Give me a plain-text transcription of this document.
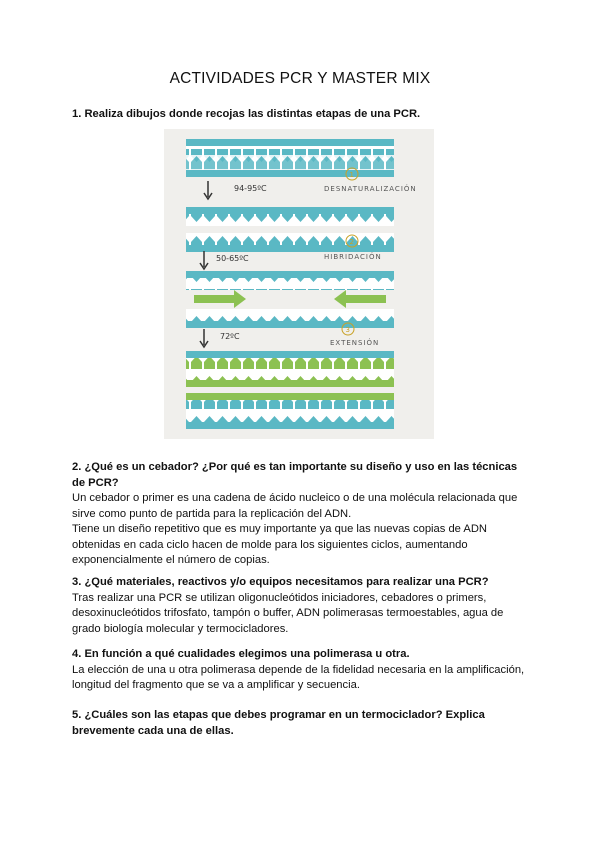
ACTIVIDADES PCR Y MASTER MIX
1. Realiza dibujos donde recojas las distintas etapas de una PCR.
94-95ºC
1
DESNATURALIZACIÓN
2
HIBRIDACIÓN
50-65ºC
72ºC
3
EXTENSIÓN
2. ¿Qué es un cebador? ¿Por qué es tan importante su diseño y uso en las técnicas
de PCR?
Un cebador o primer es una cadena de ácido nucleico o de una molécula relacionada que
sirve como punto de partida para la replicación del ADN.
Tiene un diseño repetitivo que es muy importante ya que las nuevas copias de ADN
obtenidas en cada ciclo hacen de molde para los siguientes ciclos, aumentando
exponencialmente el número de copias.
3. ¿Qué materiales, reactivos y/o equipos necesitamos para realizar una PCR?
Tras realizar una PCR se utilizan oligonucleótidos iniciadores, cebadores o primers,
desoxinucleótidos trifosfato, tampón o buffer, ADN polimerasas termoestables, agua de
grado biología molecular y termocicladores.
4. En función a qué cualidades elegimos una polimerasa u otra.
La elección de una u otra polimerasa depende de la fidelidad necesaria en la amplificación,
longitud del fragmento que se va a amplificar y secuencia.
5. ¿Cuáles son las etapas que debes programar en un termociclador? Explica
brevemente cada una de ellas.
